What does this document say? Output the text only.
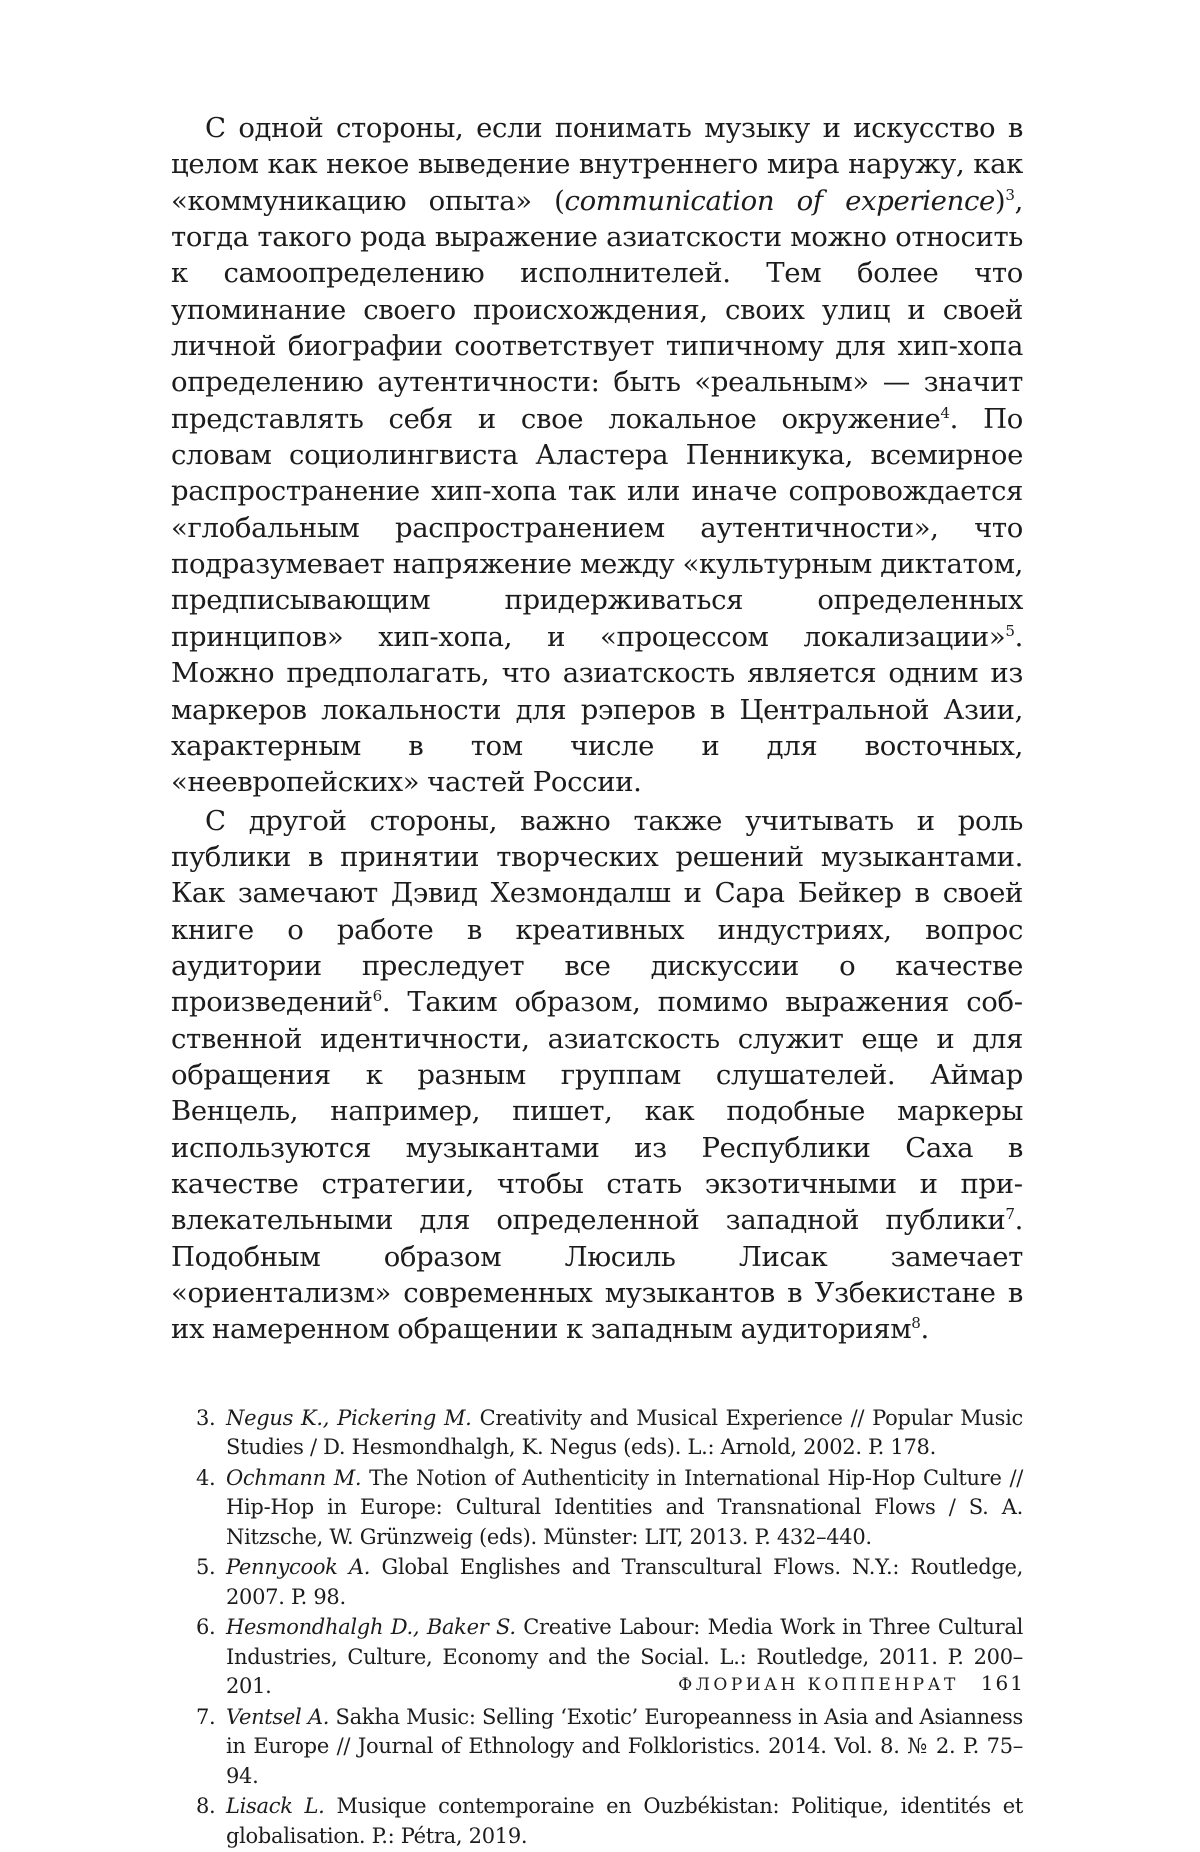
С одной стороны, если понимать музыку и искусство в целом как некое выведение внутреннего мира наружу, как «коммуникацию опыта» (communication of experience)$^3$, тогда такого рода выражение азиатскости можно относить к самоопределению исполнителей. Тем более что упоминание своего происхождения, своих улиц и своей личной биографии соответствует типичному для хип-хопа определению аутентичности: быть «реальным» — значит представлять себя и свое локальное окружение$^4$. По словам социолингвиста Аластера Пенникука, всемирное распространение хип-хопа так или иначе сопровождается «глобальным распространением аутентичности», что подразумевает напряжение между «культурным диктатом, предписывающим придерживаться определенных принципов» хип-хопа, и «процессом локализации»$^5$. Можно предполагать, что азиатскость является одним из маркеров локальности для рэперов в Центральной Азии, характерным в том числе и для восточных, «неевропейских» частей России.

С другой стороны, важно также учитывать и роль публики в принятии творческих решений музыкантами. Как замечают Дэвид Хезмондалш и Сара Бейкер в своей книге о работе в креативных индустриях, вопрос аудитории преследует все дискуссии о качестве произведений$^6$. Таким образом, помимо выражения собственной идентичности, азиатскость служит еще и для обращения к разным группам слушателей. Аймар Венцель, например, пишет, как подобные маркеры используются музыкантами из Республики Саха в качестве стратегии, чтобы стать экзотичными и привлекательными для определенной западной публики$^7$. Подобным образом Люсиль Лисак замечает «ориентализм» современных музыкантов в Узбекистане в их намеренном обращении к западным аудиториям$^8$.

3. Negus K., Pickering M. Creativity and Musical Experience // Popular Music Studies / D. Hesmondhalgh, K. Negus (eds). L.: Arnold, 2002. P. 178.
4. Ochmann M. The Notion of Authenticity in International Hip-Hop Culture // Hip-Hop in Europe: Cultural Identities and Transnational Flows / S. A. Nitzsche, W. Grünzweig (eds). Münster: LIT, 2013. P. 432–440.
5. Pennycook A. Global Englishes and Transcultural Flows. N.Y.: Routledge, 2007. P. 98.
6. Hesmondhalgh D., Baker S. Creative Labour: Media Work in Three Cultural Industries, Culture, Economy and the Social. L.: Routledge, 2011. P. 200–201.
7. Ventsel A. Sakha Music: Selling ‘Exotic’ Europeanness in Asia and Asianness in Europe // Journal of Ethnology and Folkloristics. 2014. Vol. 8. № 2. P. 75–94.
8. Lisack L. Musique contemporaine en Ouzbékistan: Politique, identités et globalisation. P.: Pétra, 2019.
ФЛОРИАН КОППЕНРАТ 161
